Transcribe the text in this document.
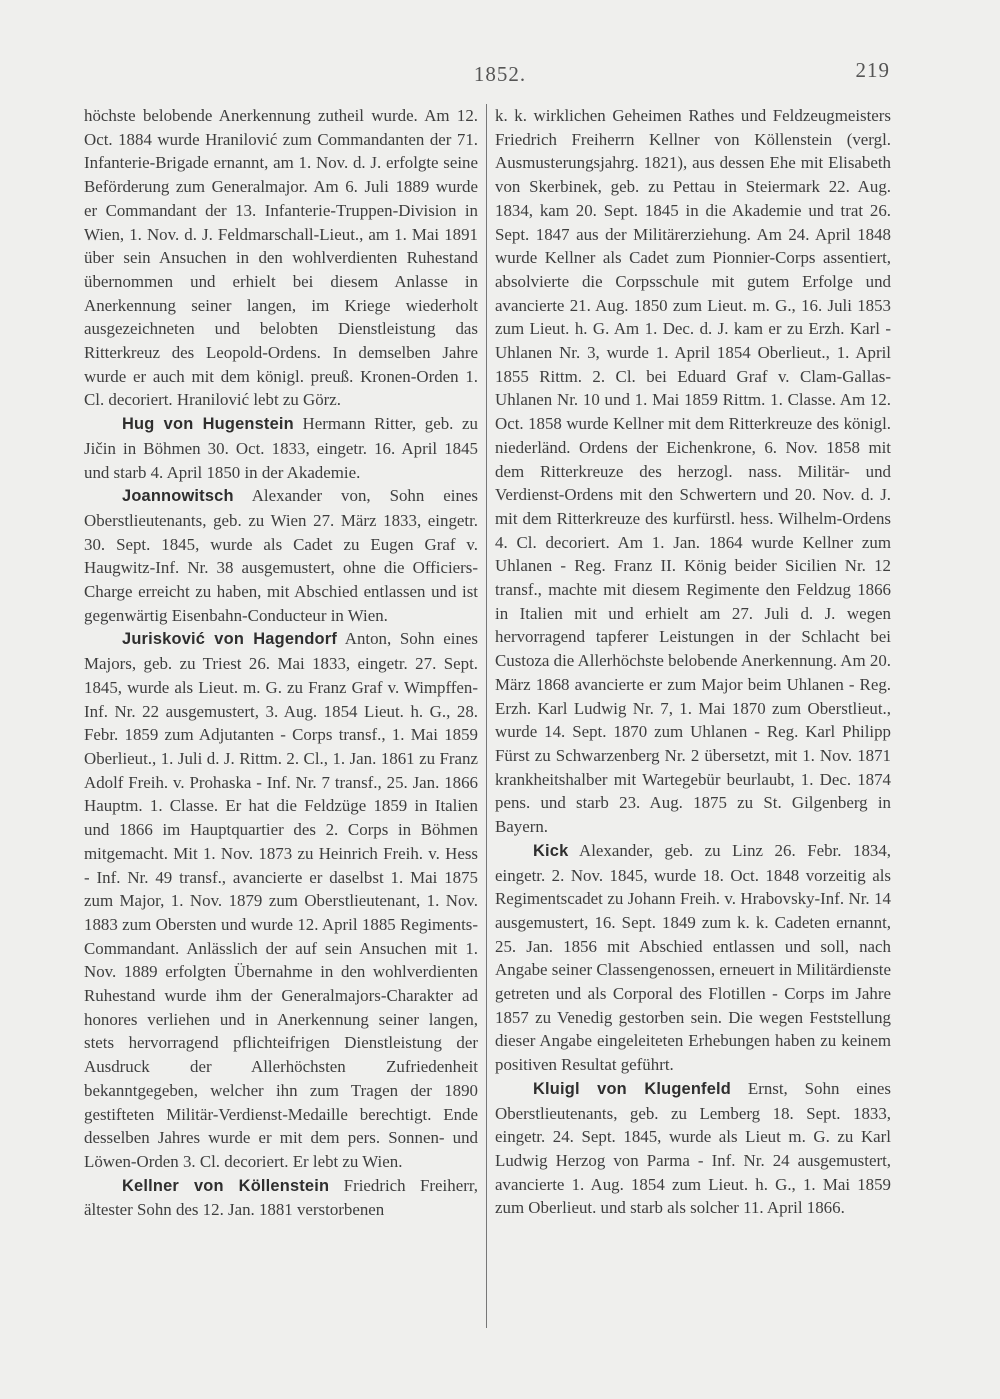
1852.	219

höchste belobende Anerkennung zutheil wurde. Am 12. Oct. 1884 wurde Hranilović zum Commandanten der 71. Infanterie-Brigade ernannt, am 1. Nov. d. J. erfolgte seine Beförderung zum Generalmajor. Am 6. Juli 1889 wurde er Commandant der 13. Infanterie-Truppen-Division in Wien, 1. Nov. d. J. Feldmarschall-Lieut., am 1. Mai 1891 über sein Ansuchen in den wohlverdienten Ruhestand übernommen und erhielt bei diesem Anlasse in Anerkennung seiner langen, im Kriege wiederholt ausgezeichneten und belobten Dienstleistung das Ritterkreuz des Leopold-Ordens. In demselben Jahre wurde er auch mit dem königl. preuß. Kronen-Orden 1. Cl. decoriert. Hranilović lebt zu Görz.

Hug von Hugenstein Hermann Ritter, geb. zu Jičin in Böhmen 30. Oct. 1833, eingetr. 16. April 1845 und starb 4. April 1850 in der Akademie.

Joannowitsch Alexander von, Sohn eines Oberstlieutenants, geb. zu Wien 27. März 1833, eingetr. 30. Sept. 1845, wurde als Cadet zu Eugen Graf v. Haugwitz-Inf. Nr. 38 ausgemustert, ohne die Officiers-Charge erreicht zu haben, mit Abschied entlassen und ist gegenwärtig Eisenbahn-Conducteur in Wien.

Jurisković von Hagendorf Anton, Sohn eines Majors, geb. zu Triest 26. Mai 1833, eingetr. 27. Sept. 1845, wurde als Lieut. m. G. zu Franz Graf v. Wimpffen-Inf. Nr. 22 ausgemustert, 3. Aug. 1854 Lieut. h. G., 28. Febr. 1859 zum Adjutanten - Corps transf., 1. Mai 1859 Oberlieut., 1. Juli d. J. Rittm. 2. Cl., 1. Jan. 1861 zu Franz Adolf Freih. v. Prohaska - Inf. Nr. 7 transf., 25. Jan. 1866 Hauptm. 1. Classe. Er hat die Feldzüge 1859 in Italien und 1866 im Hauptquartier des 2. Corps in Böhmen mitgemacht. Mit 1. Nov. 1873 zu Heinrich Freih. v. Hess - Inf. Nr. 49 transf., avancierte er daselbst 1. Mai 1875 zum Major, 1. Nov. 1879 zum Oberstlieutenant, 1. Nov. 1883 zum Obersten und wurde 12. April 1885 Regiments-Commandant. Anlässlich der auf sein Ansuchen mit 1. Nov. 1889 erfolgten Übernahme in den wohlverdienten Ruhestand wurde ihm der Generalmajors-Charakter ad honores verliehen und in Anerkennung seiner langen, stets hervorragend pflichteifrigen Dienstleistung der Ausdruck der Allerhöchsten Zufriedenheit bekanntgegeben, welcher ihn zum Tragen der 1890 gestifteten Militär-Verdienst-Medaille berechtigt. Ende desselben Jahres wurde er mit dem pers. Sonnen- und Löwen-Orden 3. Cl. decoriert. Er lebt zu Wien.

Kellner von Köllenstein Friedrich Freiherr, ältester Sohn des 12. Jan. 1881 verstorbenen

k. k. wirklichen Geheimen Rathes und Feldzeugmeisters Friedrich Freiherrn Kellner von Köllenstein (vergl. Ausmusterungsjahrg. 1821), aus dessen Ehe mit Elisabeth von Skerbinek, geb. zu Pettau in Steiermark 22. Aug. 1834, kam 20. Sept. 1845 in die Akademie und trat 26. Sept. 1847 aus der Militärerziehung. Am 24. April 1848 wurde Kellner als Cadet zum Pionnier-Corps assentiert, absolvierte die Corpsschule mit gutem Erfolge und avancierte 21. Aug. 1850 zum Lieut. m. G., 16. Juli 1853 zum Lieut. h. G. Am 1. Dec. d. J. kam er zu Erzh. Karl - Uhlanen Nr. 3, wurde 1. April 1854 Oberlieut., 1. April 1855 Rittm. 2. Cl. bei Eduard Graf v. Clam-Gallas-Uhlanen Nr. 10 und 1. Mai 1859 Rittm. 1. Classe. Am 12. Oct. 1858 wurde Kellner mit dem Ritterkreuze des königl. niederländ. Ordens der Eichenkrone, 6. Nov. 1858 mit dem Ritterkreuze des herzogl. nass. Militär- und Verdienst-Ordens mit den Schwertern und 20. Nov. d. J. mit dem Ritterkreuze des kurfürstl. hess. Wilhelm-Ordens 4. Cl. decoriert. Am 1. Jan. 1864 wurde Kellner zum Uhlanen - Reg. Franz II. König beider Sicilien Nr. 12 transf., machte mit diesem Regimente den Feldzug 1866 in Italien mit und erhielt am 27. Juli d. J. wegen hervorragend tapferer Leistungen in der Schlacht bei Custoza die Allerhöchste belobende Anerkennung. Am 20. März 1868 avancierte er zum Major beim Uhlanen - Reg. Erzh. Karl Ludwig Nr. 7, 1. Mai 1870 zum Oberstlieut., wurde 14. Sept. 1870 zum Uhlanen - Reg. Karl Philipp Fürst zu Schwarzenberg Nr. 2 übersetzt, mit 1. Nov. 1871 krankheitshalber mit Wartegebür beurlaubt, 1. Dec. 1874 pens. und starb 23. Aug. 1875 zu St. Gilgenberg in Bayern.

Kick Alexander, geb. zu Linz 26. Febr. 1834, eingetr. 2. Nov. 1845, wurde 18. Oct. 1848 vorzeitig als Regimentscadet zu Johann Freih. v. Hrabovsky-Inf. Nr. 14 ausgemustert, 16. Sept. 1849 zum k. k. Cadeten ernannt, 25. Jan. 1856 mit Abschied entlassen und soll, nach Angabe seiner Classengenossen, erneuert in Militärdienste getreten und als Corporal des Flotillen - Corps im Jahre 1857 zu Venedig gestorben sein. Die wegen Feststellung dieser Angabe eingeleiteten Erhebungen haben zu keinem positiven Resultat geführt.

Kluigl von Klugenfeld Ernst, Sohn eines Oberstlieutenants, geb. zu Lemberg 18. Sept. 1833, eingetr. 24. Sept. 1845, wurde als Lieut m. G. zu Karl Ludwig Herzog von Parma - Inf. Nr. 24 ausgemustert, avancierte 1. Aug. 1854 zum Lieut. h. G., 1. Mai 1859 zum Oberlieut. und starb als solcher 11. April 1866.
